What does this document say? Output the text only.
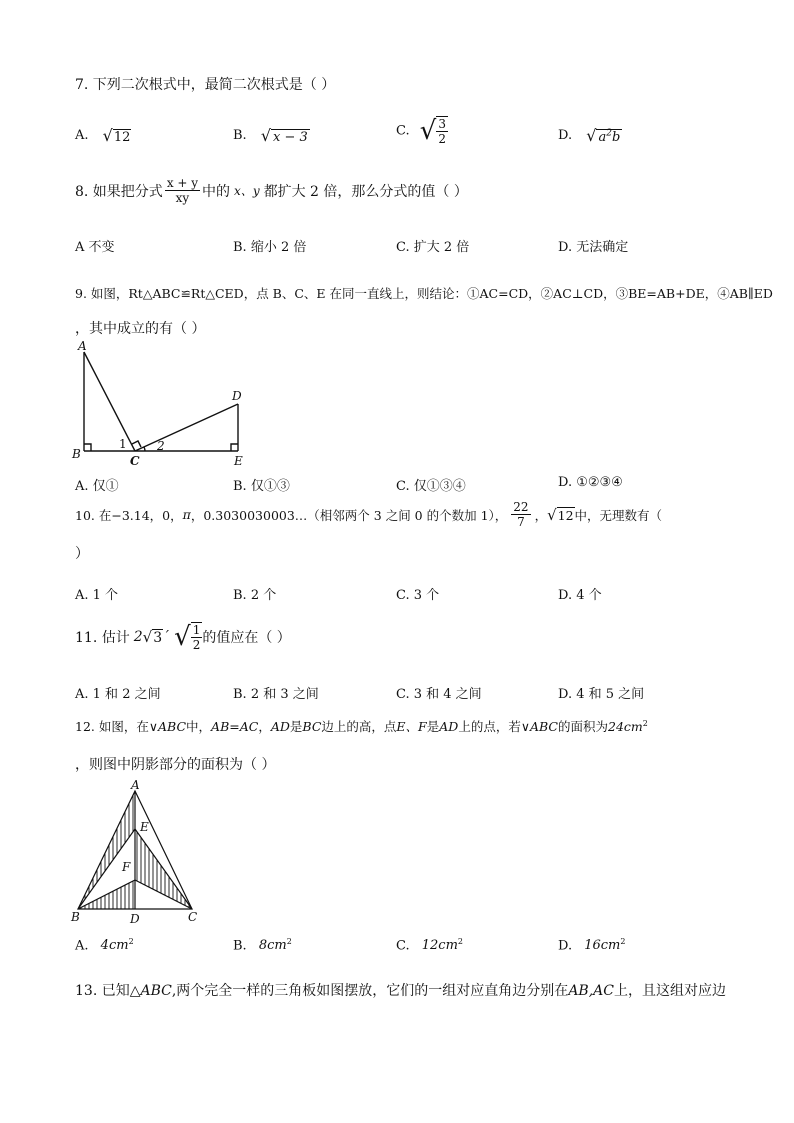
7. 下列二次根式中，最简二次根式是（ ）
A. √12	B. √ x − 3	C. √ $\frac{3}{2}$	D. √ $a^2b$
8. 如果把分式 $\frac{x + y}{xy}$ 中的 x、y 都扩大 2 倍，那么分式的值（ ）
A 不变	B. 缩小 2 倍	C. 扩大 2 倍	D. 无法确定
9. 如图，Rt△ABC≌Rt△CED，点 B、C、E 在同一直线上，则结论：①AC=CD，②AC⊥CD，③BE=AB+DE，④AB∥ED
，其中成立的有（ ）
A
B	C
D
E
1	2
A. 仅①	B. 仅①③	C. 仅①③④	D. ①②③④
10. 在−3.14，0， π ，0.3030030003…（相邻两个 3 之间 0 的个数加 1）， $\frac{22}{7}$ ， √12 中，无理数有（
）
A. 1 个	B. 2 个	C. 3 个	D. 4 个
11. 估计 2 √3 ´ √ $\frac{1}{2}$ 的值应在（ ）
A. 1 和 2 之间	B. 2 和 3 之间	C. 3 和 4 之间	D. 4 和 5 之间
12. 如图，在∨ABC中，AB=AC，AD是BC边上的高，点E、F是AD上的点，若∨ABC的面积为$24cm^2$
，则图中阴影部分的面积为（ ）
A
B	C
D
E
F
A. $4cm^2$	B. $8cm^2$	C. $12cm^2$	D. $16cm^2$
13. 已知△ABC,两个完全一样的三角板如图摆放，它们的一组对应直角边分别在AB,AC上，且这组对应边
